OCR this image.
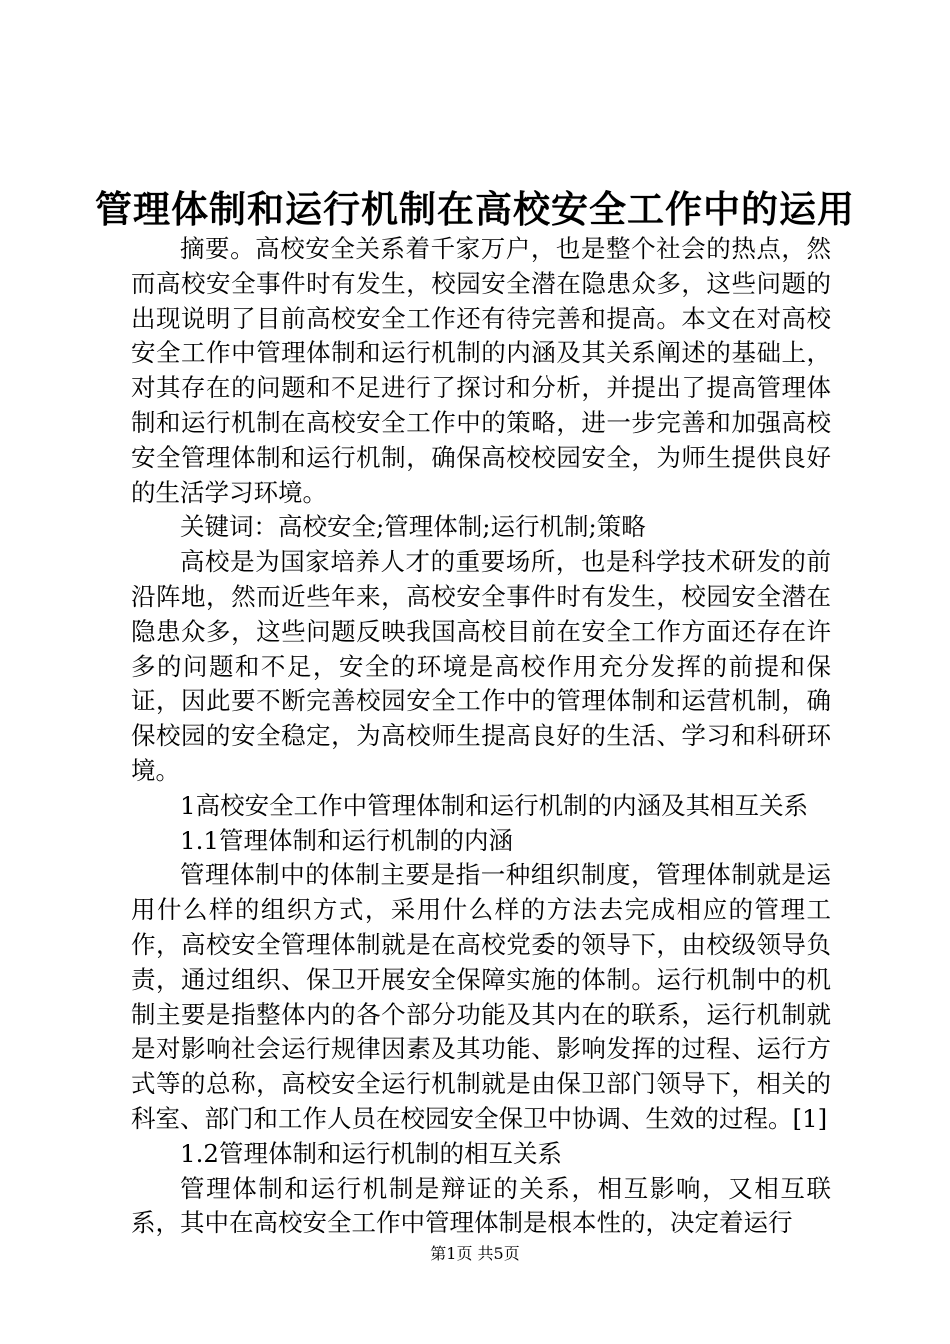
管理体制和运行机制在高校安全工作中的运用

摘要。高校安全关系着千家万户，也是整个社会的热点，然而高校安全事件时有发生，校园安全潜在隐患众多，这些问题的出现说明了目前高校安全工作还有待完善和提高。本文在对高校安全工作中管理体制和运行机制的内涵及其关系阐述的基础上，对其存在的问题和不足进行了探讨和分析，并提出了提高管理体制和运行机制在高校安全工作中的策略，进一步完善和加强高校安全管理体制和运行机制，确保高校校园安全，为师生提供良好的生活学习环境。

关键词：高校安全;管理体制;运行机制;策略

高校是为国家培养人才的重要场所，也是科学技术研发的前沿阵地，然而近些年来，高校安全事件时有发生，校园安全潜在隐患众多，这些问题反映我国高校目前在安全工作方面还存在许多的问题和不足，安全的环境是高校作用充分发挥的前提和保证，因此要不断完善校园安全工作中的管理体制和运营机制，确保校园的安全稳定，为高校师生提高良好的生活、学习和科研环境。

1高校安全工作中管理体制和运行机制的内涵及其相互关系

1.1管理体制和运行机制的内涵

管理体制中的体制主要是指一种组织制度，管理体制就是运用什么样的组织方式，采用什么样的方法去完成相应的管理工作，高校安全管理体制就是在高校党委的领导下，由校级领导负责，通过组织、保卫开展安全保障实施的体制。运行机制中的机制主要是指整体内的各个部分功能及其内在的联系，运行机制就是对影响社会运行规律因素及其功能、影响发挥的过程、运行方式等的总称，高校安全运行机制就是由保卫部门领导下，相关的科室、部门和工作人员在校园安全保卫中协调、生效的过程。[1]

1.2管理体制和运行机制的相互关系

管理体制和运行机制是辩证的关系，相互影响，又相互联系，其中在高校安全工作中管理体制是根本性的，决定着运行

第1页 共5页
